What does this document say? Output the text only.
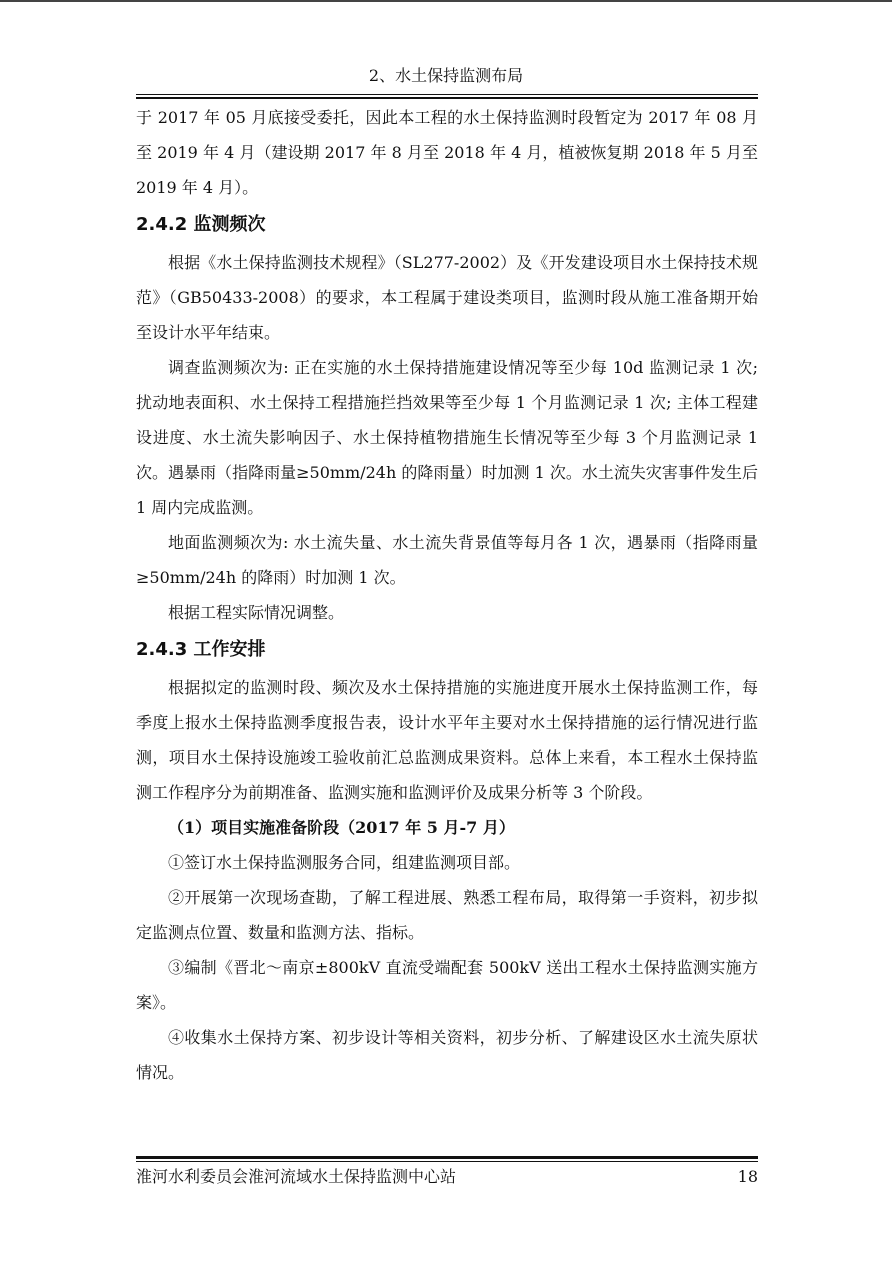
2、水土保持监测布局

于 2017 年 05 月底接受委托，因此本工程的水土保持监测时段暂定为 2017 年 08 月至 2019 年 4 月（建设期 2017 年 8 月至 2018 年 4 月，植被恢复期 2018 年 5 月至 2019 年 4 月）。

2.4.2 监测频次

根据《水土保持监测技术规程》（SL277-2002）及《开发建设项目水土保持技术规范》（GB50433-2008）的要求，本工程属于建设类项目，监测时段从施工准备期开始至设计水平年结束。

调查监测频次为: 正在实施的水土保持措施建设情况等至少每 10d 监测记录 1 次; 扰动地表面积、水土保持工程措施拦挡效果等至少每 1 个月监测记录 1 次; 主体工程建设进度、水土流失影响因子、水土保持植物措施生长情况等至少每 3 个月监测记录 1 次。遇暴雨（指降雨量≥50mm/24h 的降雨量）时加测 1 次。水土流失灾害事件发生后 1 周内完成监测。

地面监测频次为: 水土流失量、水土流失背景值等每月各 1 次，遇暴雨（指降雨量≥50mm/24h 的降雨）时加测 1 次。

根据工程实际情况调整。

2.4.3 工作安排

根据拟定的监测时段、频次及水土保持措施的实施进度开展水土保持监测工作，每季度上报水土保持监测季度报告表，设计水平年主要对水土保持措施的运行情况进行监测，项目水土保持设施竣工验收前汇总监测成果资料。总体上来看，本工程水土保持监测工作程序分为前期准备、监测实施和监测评价及成果分析等 3 个阶段。

（1）项目实施准备阶段（2017 年 5 月-7 月）

①签订水土保持监测服务合同，组建监测项目部。

②开展第一次现场查勘，了解工程进展、熟悉工程布局，取得第一手资料，初步拟定监测点位置、数量和监测方法、指标。

③编制《晋北～南京±800kV 直流受端配套 500kV 送出工程水土保持监测实施方案》。

④收集水土保持方案、初步设计等相关资料，初步分析、了解建设区水土流失原状情况。

淮河水利委员会淮河流域水土保持监测中心站	18
